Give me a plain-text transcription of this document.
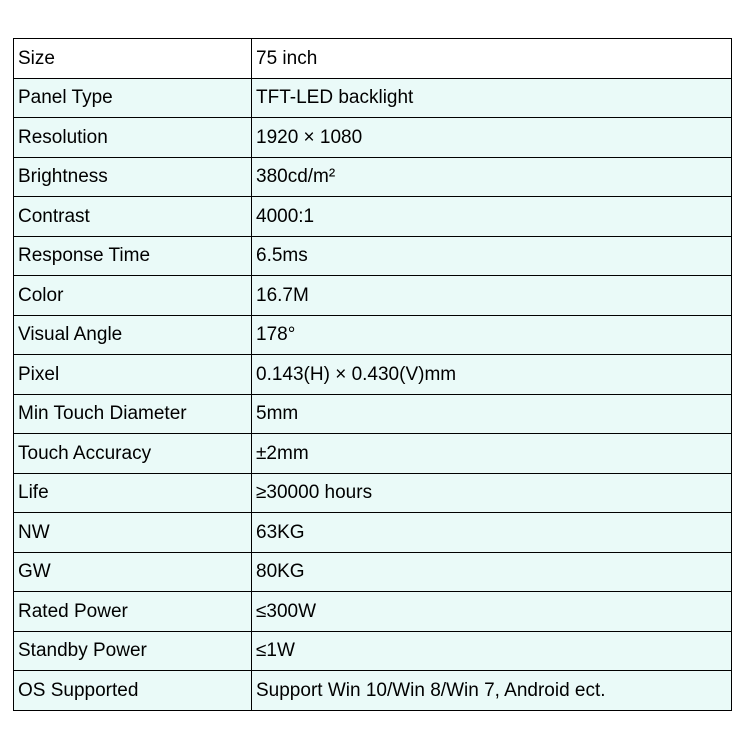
Size	75 inch
Panel Type	TFT-LED backlight
Resolution	1920 × 1080
Brightness	380cd/m²
Contrast	4000:1
Response Time	6.5ms
Color	16.7M
Visual Angle	178°
Pixel	0.143(H) × 0.430(V)mm
Min Touch Diameter	5mm
Touch Accuracy	±2mm
Life	≥30000 hours
NW	63KG
GW	80KG
Rated Power	≤300W
Standby Power	≤1W
OS Supported	Support Win 10/Win 8/Win 7, Android ect.
